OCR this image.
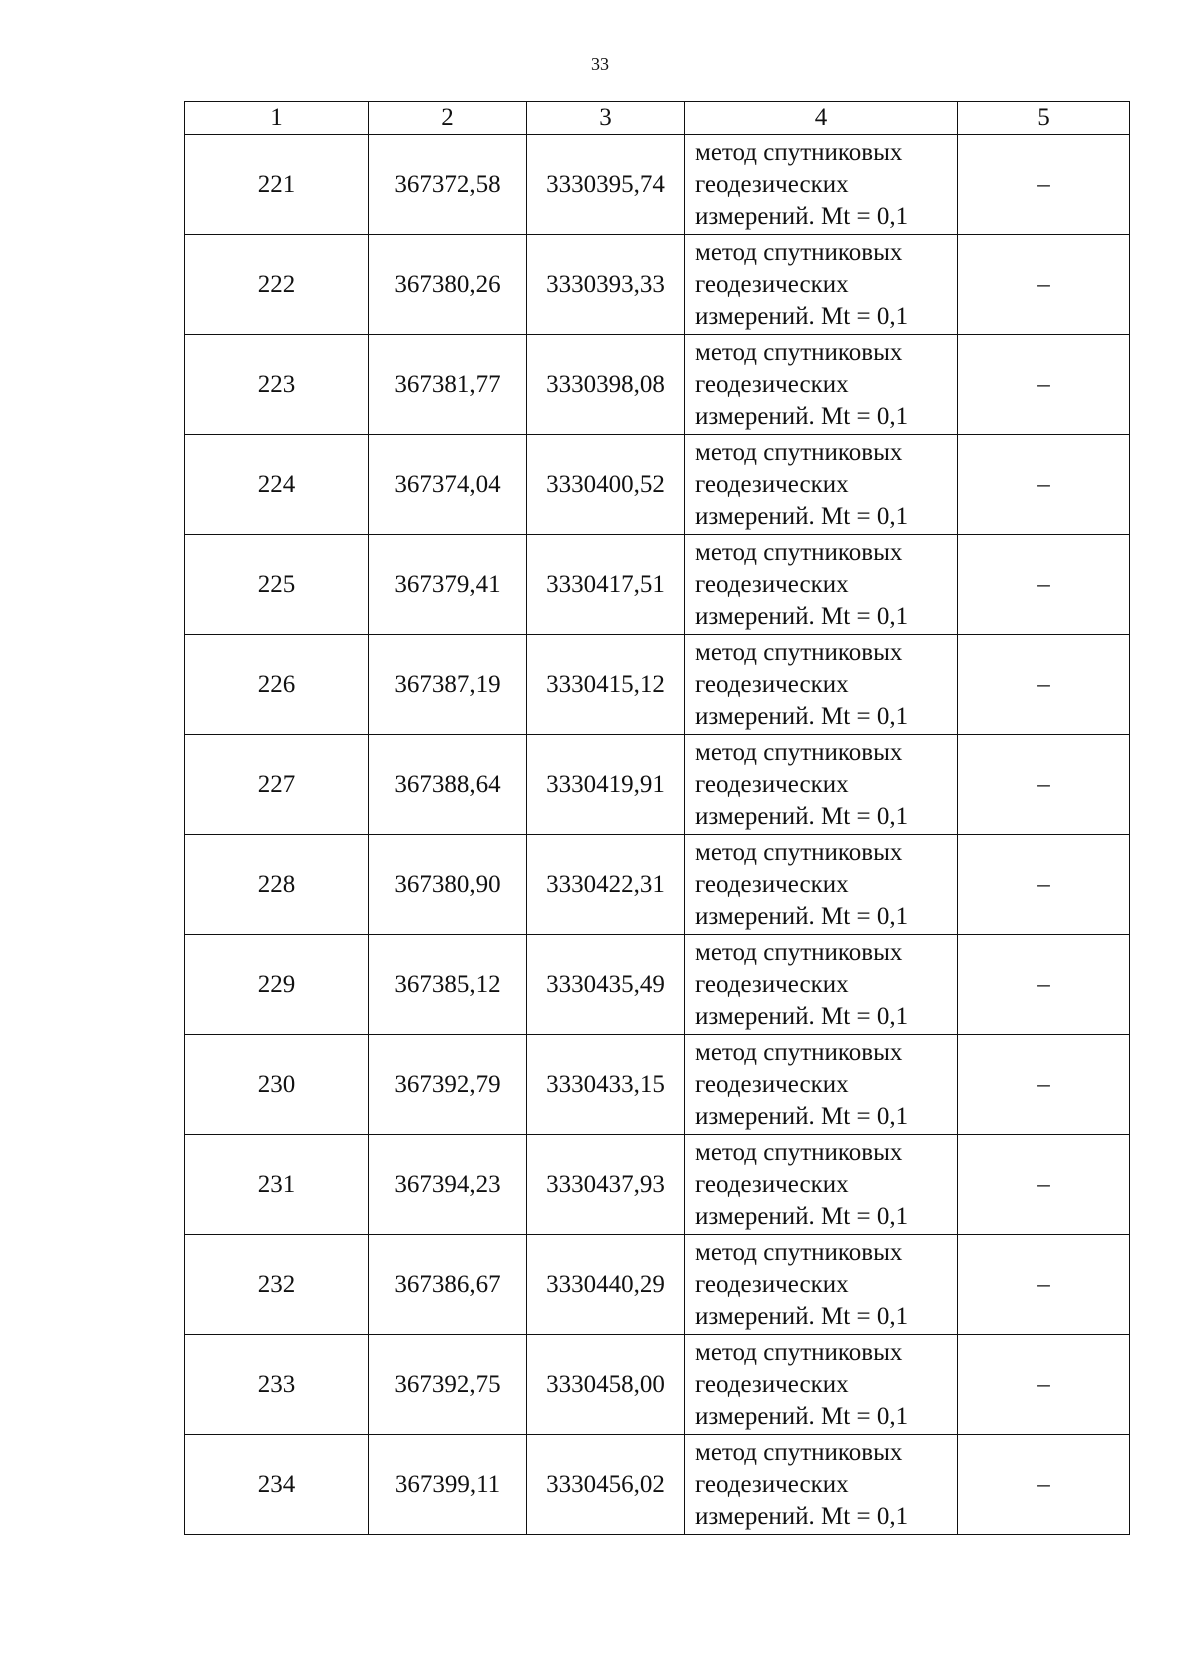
33
1	2	3	4	5
221	367372,58	3330395,74	метод спутниковых
геодезических
измерений. Mt = 0,1	–
222	367380,26	3330393,33	метод спутниковых
геодезических
измерений. Mt = 0,1	–
223	367381,77	3330398,08	метод спутниковых
геодезических
измерений. Mt = 0,1	–
224	367374,04	3330400,52	метод спутниковых
геодезических
измерений. Mt = 0,1	–
225	367379,41	3330417,51	метод спутниковых
геодезических
измерений. Mt = 0,1	–
226	367387,19	3330415,12	метод спутниковых
геодезических
измерений. Mt = 0,1	–
227	367388,64	3330419,91	метод спутниковых
геодезических
измерений. Mt = 0,1	–
228	367380,90	3330422,31	метод спутниковых
геодезических
измерений. Mt = 0,1	–
229	367385,12	3330435,49	метод спутниковых
геодезических
измерений. Mt = 0,1	–
230	367392,79	3330433,15	метод спутниковых
геодезических
измерений. Mt = 0,1	–
231	367394,23	3330437,93	метод спутниковых
геодезических
измерений. Mt = 0,1	–
232	367386,67	3330440,29	метод спутниковых
геодезических
измерений. Mt = 0,1	–
233	367392,75	3330458,00	метод спутниковых
геодезических
измерений. Mt = 0,1	–
234	367399,11	3330456,02	метод спутниковых
геодезических
измерений. Mt = 0,1	–
